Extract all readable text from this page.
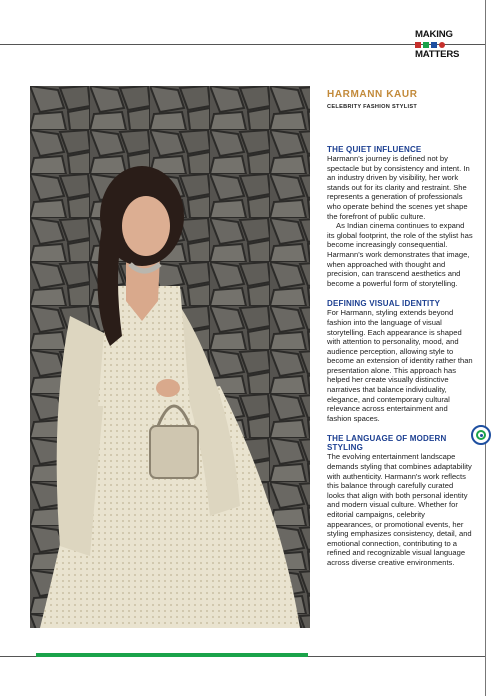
MAKING
MATTERS
HARMANN KAUR
CELEBRITY FASHION STYLIST
THE QUIET INFLUENCE

Harmann's journey is defined not by spectacle but by consistency and intent. In an industry driven by visibility, her work stands out for its clarity and restraint. She represents a generation of professionals who operate behind the scenes yet shape the forefront of public culture.

As Indian cinema continues to expand its global footprint, the role of the stylist has become increasingly consequential. Harmann's work demonstrates that image, when approached with thought and precision, can transcend aesthetics and become a powerful form of storytelling.

DEFINING VISUAL IDENTITY

For Harmann, styling extends beyond fashion into the language of visual storytelling. Each appearance is shaped with attention to personality, mood, and audience perception, allowing style to become an extension of identity rather than presentation alone. This approach has helped her create visually distinctive narratives that balance individuality, elegance, and contemporary cultural relevance across entertainment and fashion spaces.

THE LANGUAGE OF MODERN STYLING

The evolving entertainment landscape demands styling that combines adaptability with authenticity. Harmann's work reflects this balance through carefully curated looks that align with both personal identity and modern visual culture. Whether for editorial campaigns, celebrity appearances, or promotional events, her styling emphasizes consistency, detail, and emotional connection, contributing to a refined and recognizable visual language across diverse creative environments.
